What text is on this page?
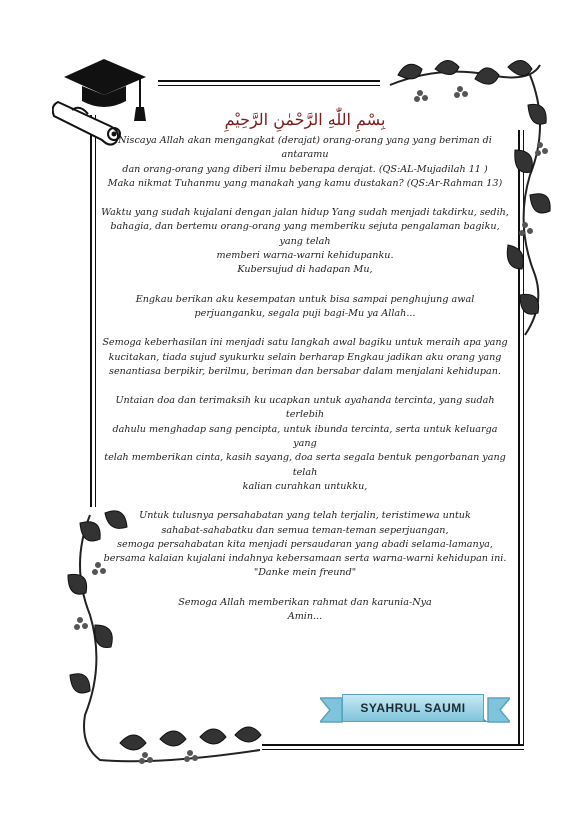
بِسْمِ اللّٰهِ الرَّحْمٰنِ الرَّحِيْمِ

Niscaya Allah akan mengangkat (derajat) orang-orang yang yang beriman di antaramu

dan orang-orang yang diberi ilmu beberapa derajat. (QS:AL-Mujadilah 11 )

Maka nikmat Tuhanmu yang manakah yang kamu dustakan? (QS:Ar-Rahman 13)

Waktu yang sudah kujalani dengan jalan hidup Yang sudah menjadi takdirku, sedih,

bahagia, dan bertemu orang-orang yang memberiku sejuta pengalaman bagiku, yang telah

memberi warna-warni kehidupanku.

Kubersujud di hadapan Mu,

Engkau berikan aku kesempatan untuk bisa sampai penghujung awal

perjuanganku, segala puji bagi-Mu ya Allah...

Semoga keberhasilan ini menjadi satu langkah awal bagiku untuk meraih apa yang

kucitakan, tiada sujud syukurku selain berharap Engkau jadikan aku orang yang

senantiasa berpikir, berilmu, beriman dan bersabar dalam menjalani kehidupan.

Untaian doa dan terimaksih ku ucapkan untuk ayahanda tercinta, yang sudah terlebih

dahulu menghadap sang pencipta, untuk ibunda tercinta, serta untuk keluarga yang

telah memberikan cinta, kasih sayang, doa serta segala bentuk pengorbanan yang telah

kalian curahkan untukku,

Untuk tulusnya persahabatan yang telah terjalin, teristimewa untuk

sahabat-sahabatku dan semua teman-teman seperjuangan,

semoga persahabatan kita menjadi persaudaran yang abadi selama-lamanya,

bersama kalaian kujalani indahnya kebersamaan serta warna-warni kehidupan ini.

"Danke mein freund"

Semoga Allah memberikan rahmat dan karunia-Nya

Amin...

SYAHRUL SAUMI
